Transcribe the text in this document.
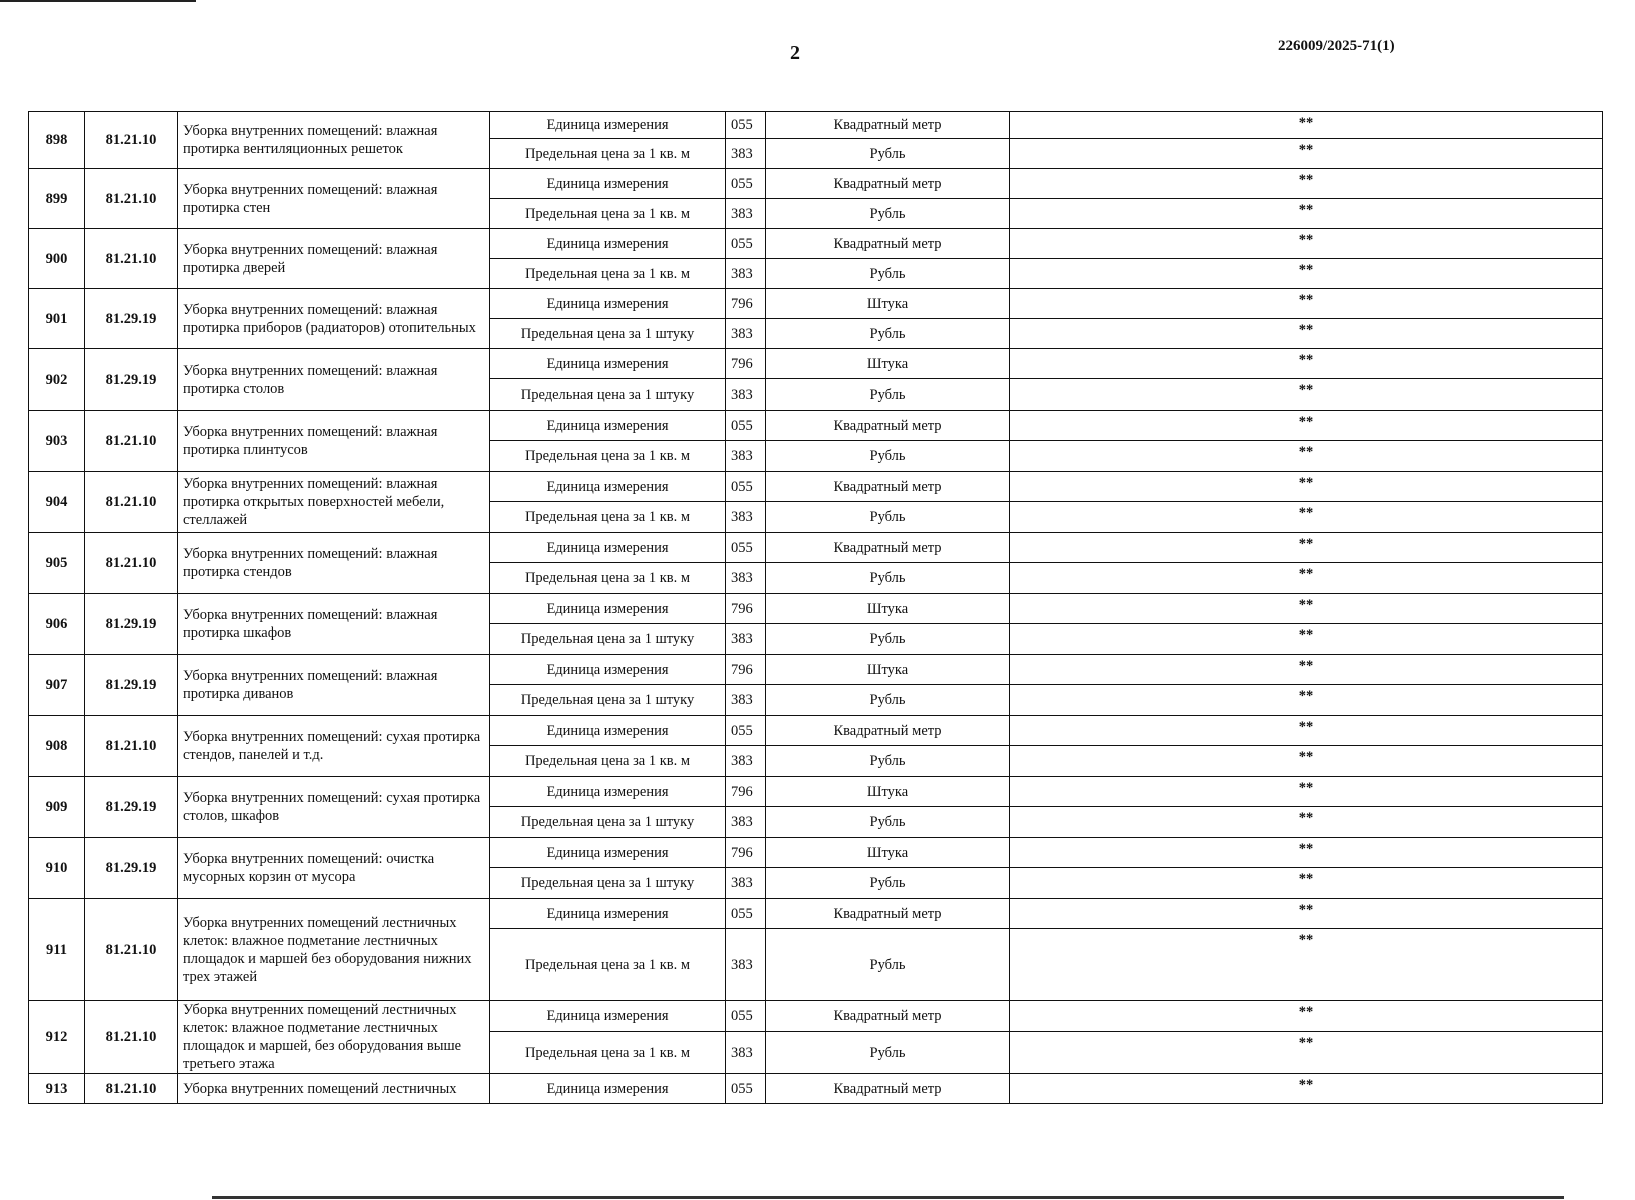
2	226009/2025-71(1)
898	81.21.10	Уборка внутренних помещений: влажная протирка вентиляционных решеток	Единица измерения	055	Квадратный метр	**
			Предельная цена за 1 кв. м	383	Рубль	**
899	81.21.10	Уборка внутренних помещений: влажная протирка стен	Единица измерения	055	Квадратный метр	**
			Предельная цена за 1 кв. м	383	Рубль	**
900	81.21.10	Уборка внутренних помещений: влажная протирка дверей	Единица измерения	055	Квадратный метр	**
			Предельная цена за 1 кв. м	383	Рубль	**
901	81.29.19	Уборка внутренних помещений: влажная протирка приборов (радиаторов) отопительных	Единица измерения	796	Штука	**
			Предельная цена за 1 штуку	383	Рубль	**
902	81.29.19	Уборка внутренних помещений: влажная протирка столов	Единица измерения	796	Штука	**
			Предельная цена за 1 штуку	383	Рубль	**
903	81.21.10	Уборка внутренних помещений: влажная протирка плинтусов	Единица измерения	055	Квадратный метр	**
			Предельная цена за 1 кв. м	383	Рубль	**
904	81.21.10	Уборка внутренних помещений: влажная протирка открытых поверхностей мебели, стеллажей	Единица измерения	055	Квадратный метр	**
			Предельная цена за 1 кв. м	383	Рубль	**
905	81.21.10	Уборка внутренних помещений: влажная протирка стендов	Единица измерения	055	Квадратный метр	**
			Предельная цена за 1 кв. м	383	Рубль	**
906	81.29.19	Уборка внутренних помещений: влажная протирка шкафов	Единица измерения	796	Штука	**
			Предельная цена за 1 штуку	383	Рубль	**
907	81.29.19	Уборка внутренних помещений: влажная протирка диванов	Единица измерения	796	Штука	**
			Предельная цена за 1 штуку	383	Рубль	**
908	81.21.10	Уборка внутренних помещений: сухая протирка стендов, панелей и т.д.	Единица измерения	055	Квадратный метр	**
			Предельная цена за 1 кв. м	383	Рубль	**
909	81.29.19	Уборка внутренних помещений: сухая протирка столов, шкафов	Единица измерения	796	Штука	**
			Предельная цена за 1 штуку	383	Рубль	**
910	81.29.19	Уборка внутренних помещений: очистка мусорных корзин от мусора	Единица измерения	796	Штука	**
			Предельная цена за 1 штуку	383	Рубль	**
911	81.21.10	Уборка внутренних помещений лестничных клеток: влажное подметание лестничных площадок и маршей без оборудования нижних трех этажей	Единица измерения	055	Квадратный метр	**
			Предельная цена за 1 кв. м	383	Рубль	**
912	81.21.10	Уборка внутренних помещений лестничных клеток: влажное подметание лестничных площадок и маршей, без оборудования выше третьего этажа	Единица измерения	055	Квадратный метр	**
			Предельная цена за 1 кв. м	383	Рубль	**
913	81.21.10	Уборка внутренних помещений лестничных	Единица измерения	055	Квадратный метр	**
